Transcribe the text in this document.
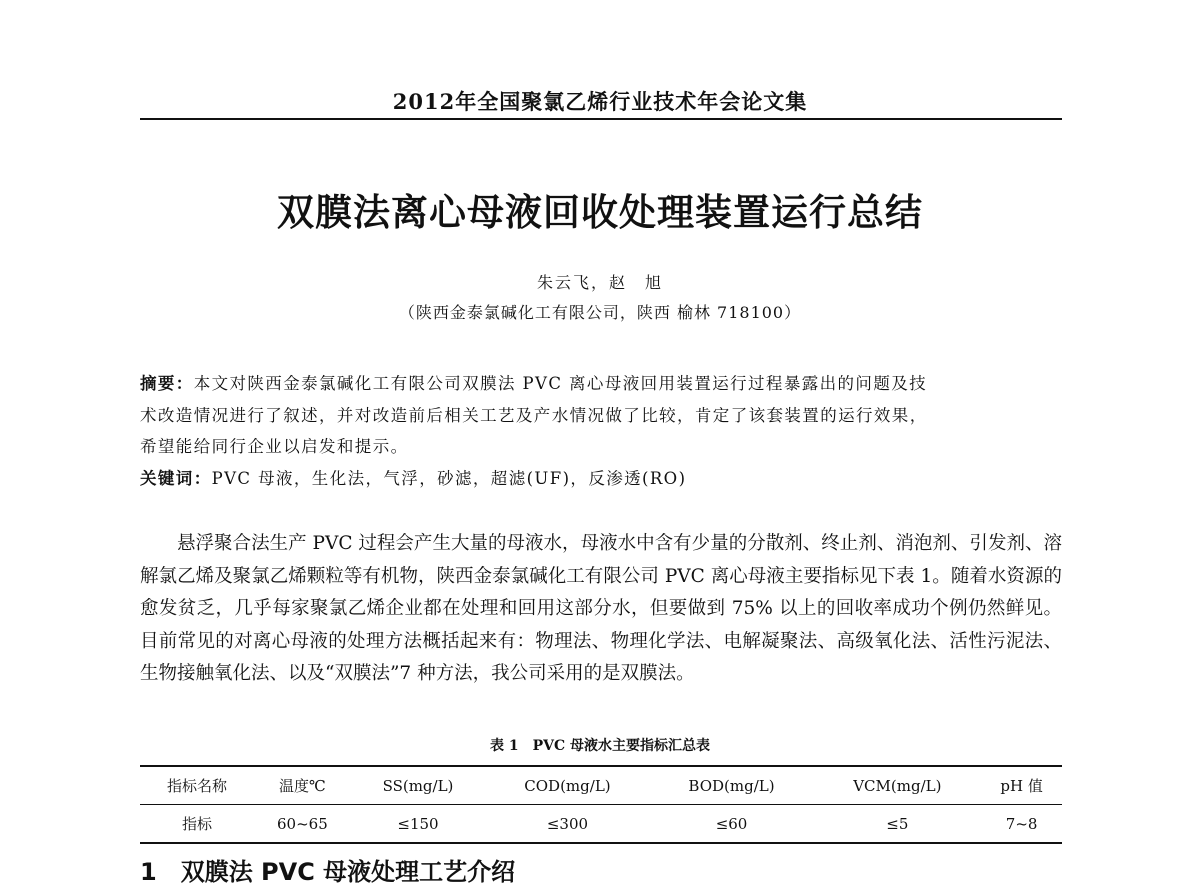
2012年全国聚氯乙烯行业技术年会论文集
双膜法离心母液回收处理装置运行总结
朱云飞，赵　旭
（陕西金泰氯碱化工有限公司，陕西 榆林 718100）
摘要：本文对陕西金泰氯碱化工有限公司双膜法 PVC 离心母液回用装置运行过程暴露出的问题及技
术改造情况进行了叙述，并对改造前后相关工艺及产水情况做了比较，肯定了该套装置的运行效果，
希望能给同行企业以启发和提示。
关键词：PVC 母液，生化法，气浮，砂滤，超滤(UF)，反渗透(RO)

悬浮聚合法生产 PVC 过程会产生大量的母液水，母液水中含有少量的分散剂、终止剂、消泡剂、引发剂、溶解氯乙烯及聚氯乙烯颗粒等有机物，陕西金泰氯碱化工有限公司 PVC 离心母液主要指标见下表 1。随着水资源的愈发贫乏，几乎每家聚氯乙烯企业都在处理和回用这部分水，但要做到 75% 以上的回收率成功个例仍然鲜见。目前常见的对离心母液的处理方法概括起来有：物理法、物理化学法、电解凝聚法、高级氧化法、活性污泥法、生物接触氧化法、以及“双膜法”7 种方法，我公司采用的是双膜法。

表 1　PVC 母液水主要指标汇总表
指标名称	温度℃	SS(mg/L)	COD(mg/L)	BOD(mg/L)	VCM(mg/L)	pH 值
指标	60~65	≤150	≤300	≤60	≤5	7~8
1　双膜法 PVC 母液处理工艺介绍
